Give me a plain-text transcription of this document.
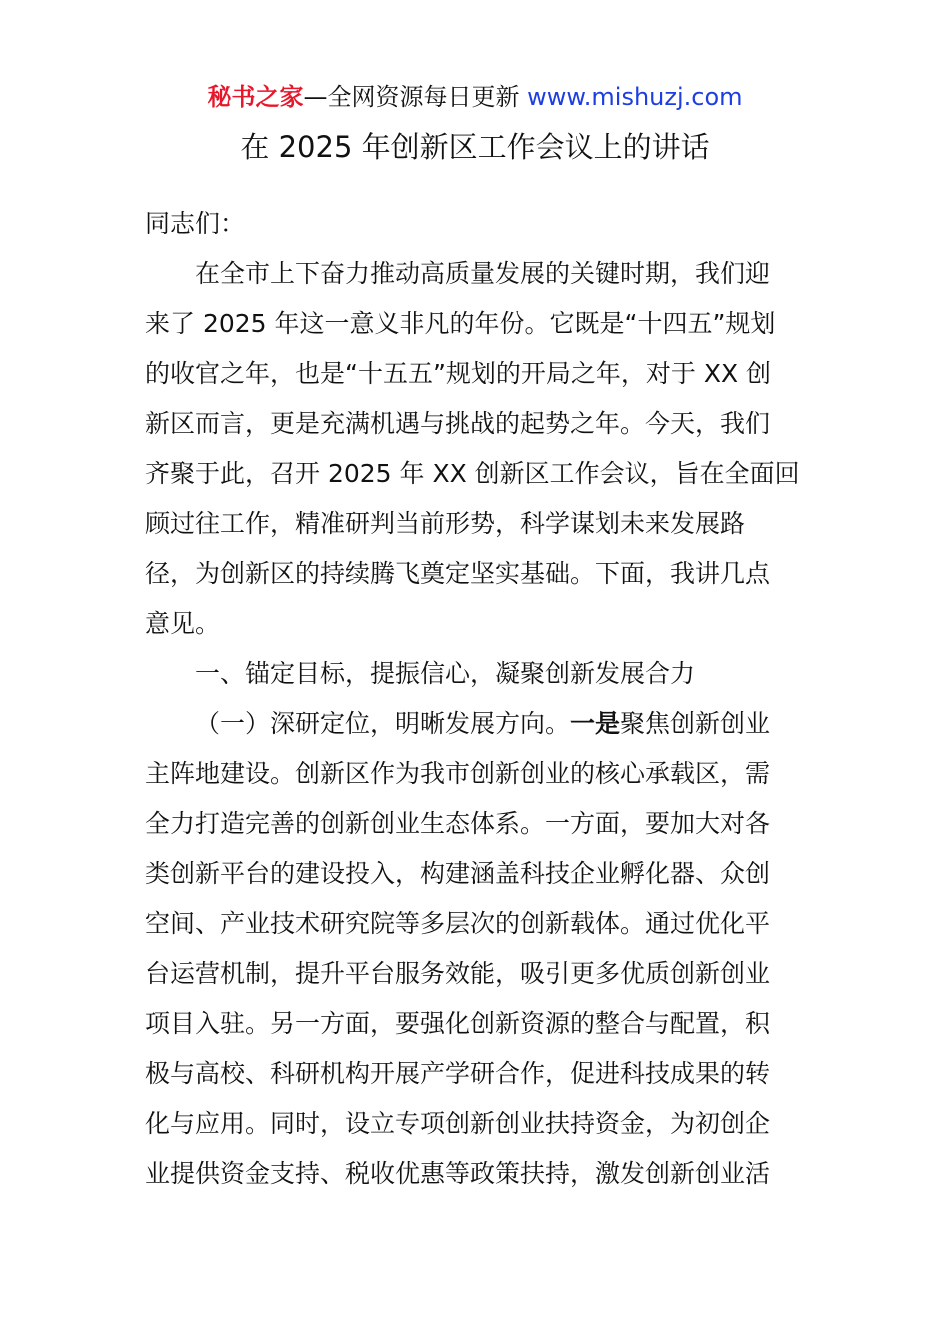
秘书之家—全网资源每日更新 www.mishuzj.com
在 2025 年创新区工作会议上的讲话
同志们：
在全市上下奋力推动高质量发展的关键时期，我们迎
来了 2025 年这一意义非凡的年份。它既是“十四五”规划
的收官之年，也是“十五五”规划的开局之年，对于 XX 创
新区而言，更是充满机遇与挑战的起势之年。今天，我们
齐聚于此，召开 2025 年 XX 创新区工作会议，旨在全面回
顾过往工作，精准研判当前形势，科学谋划未来发展路
径，为创新区的持续腾飞奠定坚实基础。下面，我讲几点
意见。
一、锚定目标，提振信心，凝聚创新发展合力
（一）深研定位，明晰发展方向。一是聚焦创新创业
主阵地建设。创新区作为我市创新创业的核心承载区，需
全力打造完善的创新创业生态体系。一方面，要加大对各
类创新平台的建设投入，构建涵盖科技企业孵化器、众创
空间、产业技术研究院等多层次的创新载体。通过优化平
台运营机制，提升平台服务效能，吸引更多优质创新创业
项目入驻。另一方面，要强化创新资源的整合与配置，积
极与高校、科研机构开展产学研合作，促进科技成果的转
化与应用。同时，设立专项创新创业扶持资金，为初创企
业提供资金支持、税收优惠等政策扶持，激发创新创业活
